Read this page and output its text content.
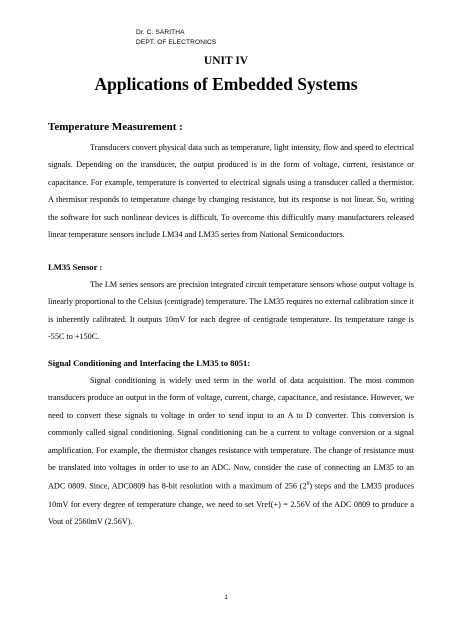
Dr. C. SARITHA
DEPT. OF ELECTRONICS
UNIT IV
Applications of Embedded Systems

Temperature Measurement :

Transducers convert physical data such as temperature, light intensity, flow and speed to electrical signals. Depending on the transducer, the output produced is in the form of voltage, current, resistance or capacitance. For example, temperature is converted to electrical signals using a transducer called a thermistor. A thermisor responds to temperature change by changing resistance, but its response is not linear. So, writing the software for such nonlinear devices is difficult. To overcome this difficultly many manufacturers released linear temperature sensors include LM34 and LM35 series from National Semiconductors.

LM35 Sensor :

The LM series sensors are precision integrated circuit temperature sensors whose output voltage is linearly proportional to the Celsius (centigrade) temperature. The LM35 requires no external calibration since it is inherently calibrated. It outputs 10mV for each degree of centigrade temperature. Its temperature range is -55C to +150C.

Signal Conditioning and Interfacing the LM35 to 8051:

Signal conditioning is widely used term in the world of data acquisition. The most common transducers produce an output in the form of voltage, current, charge, capacitance, and resistance. However, we need to convert these signals to voltage in order to send input to an A to D converter. This conversion is commonly called signal conditioning. Signal conditioning can be a current to voltage conversion or a signal amplification. For example, the thermistor changes resistance with temperature. The change of resistance must be translated into voltages in order to use to an ADC. Now, consider the case of connecting an LM35 to an ADC 0809. Since, ADC0809 has 8-bit resolution with a maximum of 256 $(2^8)$ steps and the LM35 produces 10mV for every degree of temperature change, we need to set Vref(+) = 2.56V of the ADC 0809 to produce a Vout of 2560mV (2.56V).

1
